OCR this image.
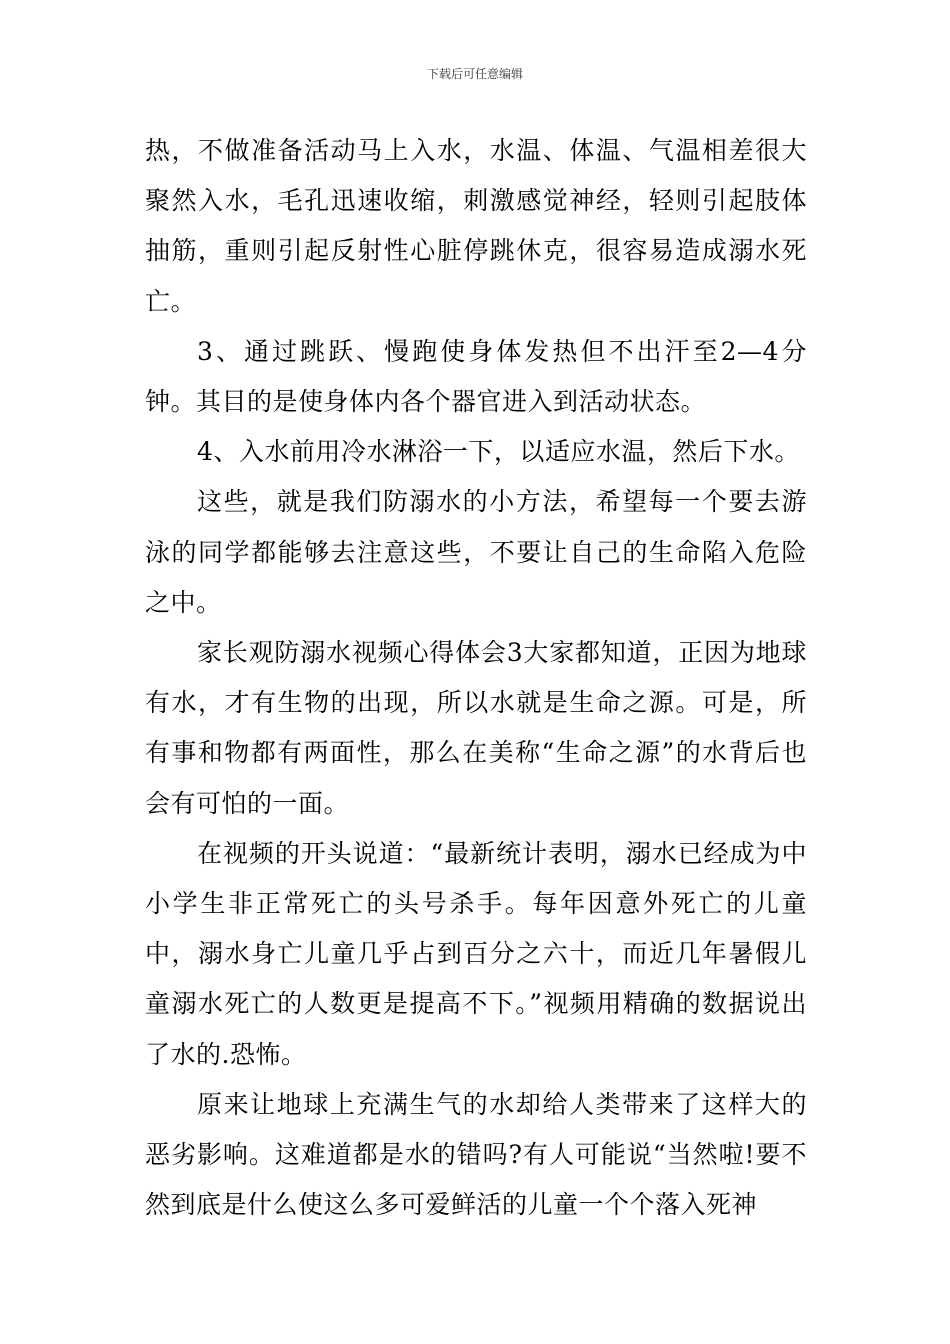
下载后可任意编辑

热，不做准备活动马上入水，水温、体温、气温相差很大聚然入水，毛孔迅速收缩，刺激感觉神经，轻则引起肢体抽筋，重则引起反射性心脏停跳休克，很容易造成溺水死亡。

3、通过跳跃、慢跑使身体发热但不出汗至2—4分钟。其目的是使身体内各个器官进入到活动状态。

4、入水前用冷水淋浴一下，以适应水温，然后下水。

这些，就是我们防溺水的小方法，希望每一个要去游泳的同学都能够去注意这些，不要让自己的生命陷入危险之中。

家长观防溺水视频心得体会3大家都知道，正因为地球有水，才有生物的出现，所以水就是生命之源。可是，所有事和物都有两面性，那么在美称“生命之源”的水背后也会有可怕的一面。

在视频的开头说道：“最新统计表明，溺水已经成为中小学生非正常死亡的头号杀手。每年因意外死亡的儿童中，溺水身亡儿童几乎占到百分之六十，而近几年暑假儿童溺水死亡的人数更是提高不下。”视频用精确的数据说出了水的.恐怖。

原来让地球上充满生气的水却给人类带来了这样大的恶劣影响。这难道都是水的错吗?有人可能说“当然啦!要不然到底是什么使这么多可爱鲜活的儿童一个个落入死神
